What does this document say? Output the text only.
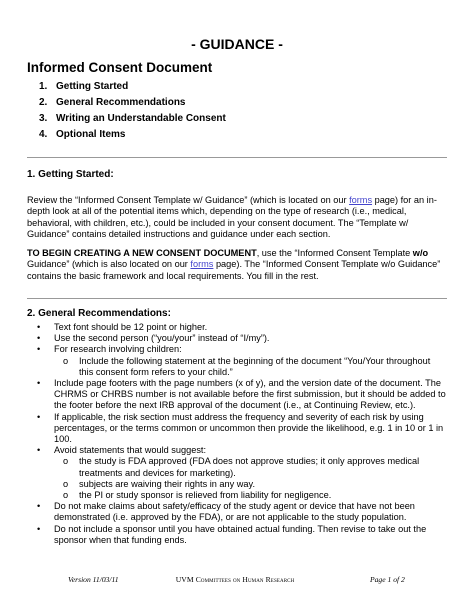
- GUIDANCE -
Informed Consent Document
1. Getting Started
2. General Recommendations
3. Writing an Understandable Consent
4. Optional Items
1. Getting Started:
Review the “Informed Consent Template w/ Guidance” (which is located on our forms page) for an in-depth look at all of the potential items which, depending on the type of research (i.e., medical, behavioral, with children, etc.), could be included in your consent document. The “Template w/ Guidance” contains detailed instructions and guidance under each section.
TO BEGIN CREATING A NEW CONSENT DOCUMENT, use the “Informed Consent Template w/o Guidance” (which is also located on our forms page). The “Informed Consent Template w/o Guidance” contains the basic framework and local requirements. You fill in the rest.
2. General Recommendations:
• Text font should be 12 point or higher.
• Use the second person (“you/your” instead of “I/my”).
• For research involving children:
o Include the following statement at the beginning of the document “You/Your throughout this consent form refers to your child.”
• Include page footers with the page numbers (x of y), and the version date of the document. The CHRMS or CHRBS number is not available before the first submission, but it should be added to the footer before the next IRB approval of the document (i.e., at Continuing Review, etc.).
• If applicable, the risk section must address the frequency and severity of each risk by using percentages, or the terms common or uncommon then provide the likelihood, e.g. 1 in 10 or 1 in 100.
• Avoid statements that would suggest:
o the study is FDA approved (FDA does not approve studies; it only approves medical treatments and devices for marketing).
o subjects are waiving their rights in any way.
o the PI or study sponsor is relieved from liability for negligence.
• Do not make claims about safety/efficacy of the study agent or device that have not been demonstrated (i.e. approved by the FDA), or are not applicable to the study population.
• Do not include a sponsor until you have obtained actual funding. Then revise to take out the sponsor when that funding ends.
Version 11/03/11	UVM Committees on Human Research	Page 1 of 2
